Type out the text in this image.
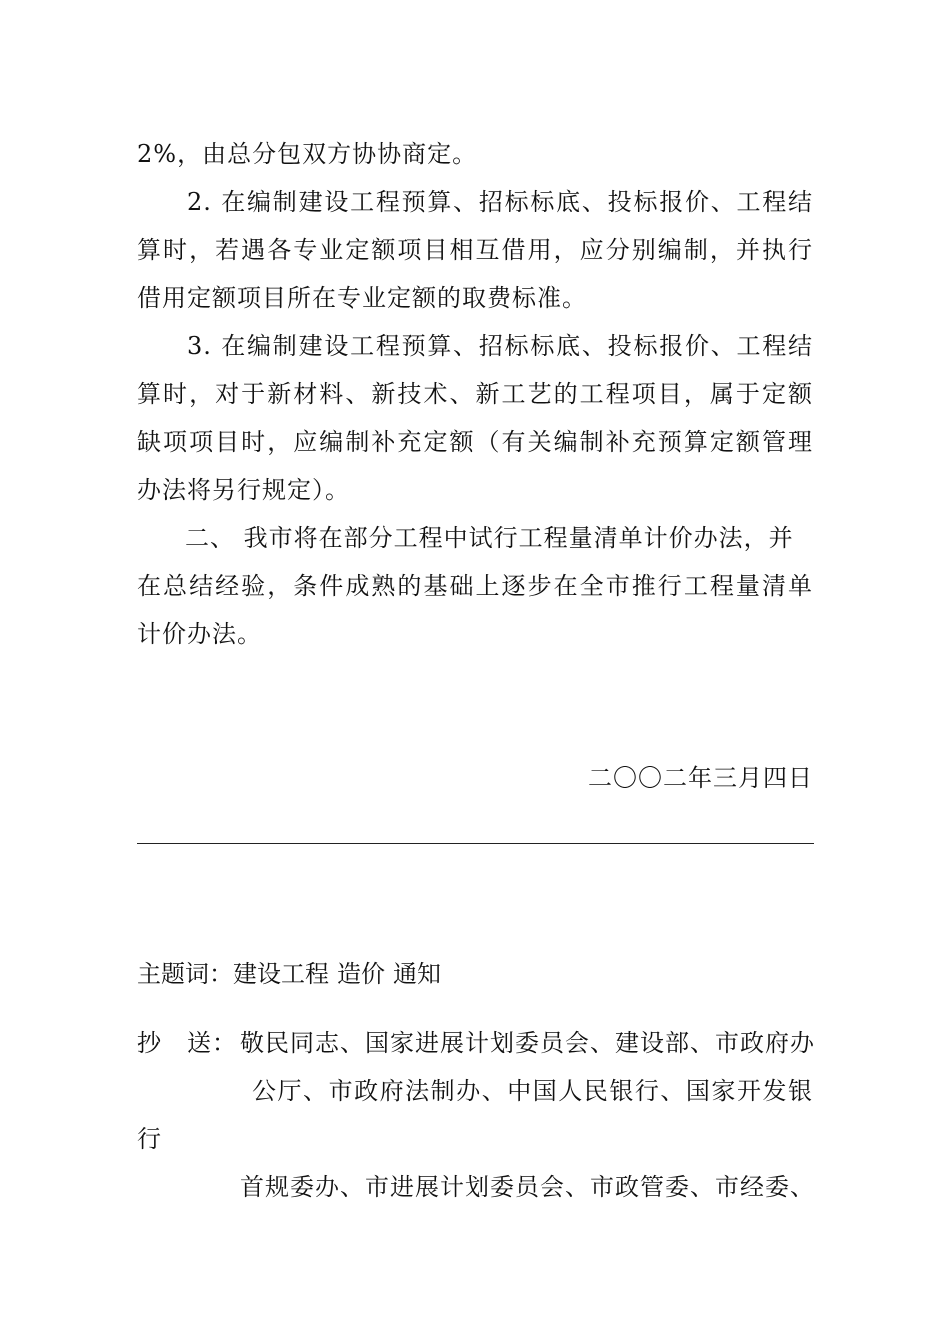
2%，由总分包双方协协商定。
2. 在编制建设工程预算、招标标底、投标报价、工程结
算时，若遇各专业定额项目相互借用，应分别编制，并执行
借用定额项目所在专业定额的取费标准。
3. 在编制建设工程预算、招标标底、投标报价、工程结
算时，对于新材料、新技术、新工艺的工程项目，属于定额
缺项项目时，应编制补充定额（有关编制补充预算定额管理
办法将另行规定）。
二、 我市将在部分工程中试行工程量清单计价办法，并
在总结经验，条件成熟的基础上逐步在全市推行工程量清单
计价办法。
二〇〇二年三月四日
主题词：建设工程 造价 通知
抄　送： 敬民同志、国家进展计划委员会、建设部、市政府办
公厅、市政府法制办、中国人民银行、国家开发银
行
首规委办、市进展计划委员会、市政管委、市经委、
